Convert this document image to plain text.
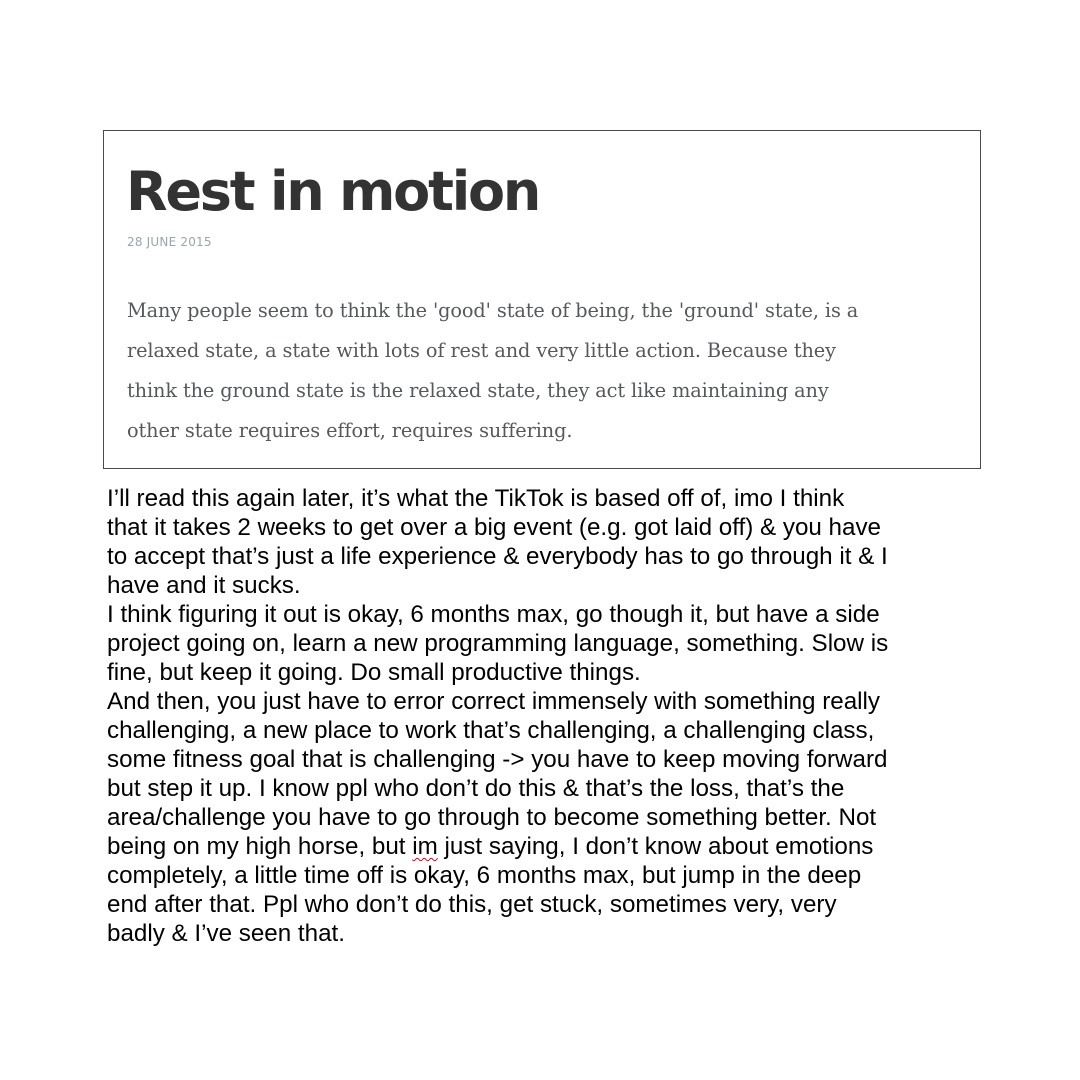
Rest in motion
28 JUNE 2015

Many people seem to think the 'good' state of being, the 'ground' state, is a
relaxed state, a state with lots of rest and very little action. Because they
think the ground state is the relaxed state, they act like maintaining any
other state requires effort, requires suffering.

I’ll read this again later, it’s what the TikTok is based off of, imo I think
that it takes 2 weeks to get over a big event (e.g. got laid off) & you have
to accept that’s just a life experience & everybody has to go through it & I
have and it sucks.
I think figuring it out is okay, 6 months max, go though it, but have a side
project going on, learn a new programming language, something. Slow is
fine, but keep it going. Do small productive things.
And then, you just have to error correct immensely with something really
challenging, a new place to work that’s challenging, a challenging class,
some fitness goal that is challenging -> you have to keep moving forward
but step it up. I know ppl who don’t do this & that’s the loss, that’s the
area/challenge you have to go through to become something better. Not
being on my high horse, but im just saying, I don’t know about emotions
completely, a little time off is okay, 6 months max, but jump in the deep
end after that. Ppl who don’t do this, get stuck, sometimes very, very
badly & I’ve seen that.
